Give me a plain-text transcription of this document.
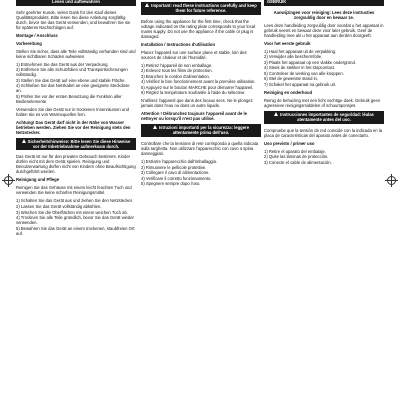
Lesen und aufbewahren

Sehr geehrter Kunde, vielen Dank für den Kauf dieses Qualitätsprodukts. Bitte lesen Sie diese Anleitung sorgfältig durch, bevor Sie das Gerät verwenden, und bewahren Sie sie für späteres Nachschlagen auf.

Montage / Anschluss

Vorbereitung

Stellen Sie sicher, dass alle Teile vollständig vorhanden sind und keine sichtbaren Schäden aufweisen.

1) Entnehmen Sie das Gerät aus der Verpackung.
2) Entfernen Sie alle Schutzfolien und Transportsicherungen vollständig.
3) Stellen Sie das Gerät auf eine ebene und stabile Fläche.
4) Schließen Sie das Netzkabel an eine geeignete Steckdose an.
5) Prüfen Sie vor der ersten Benutzung die Funktion aller Bedienelemente.

Verwenden Sie das Gerät nur in trockenen Innenräumen und halten Sie es von Wärmequellen fern.

Achtung! Das Gerät darf nicht in der Nähe von Wasser betrieben werden. Ziehen Sie vor der Reinigung stets den Netzstecker.

Sicherheitshinweise: Bitte lesen Sie diese Hinweise vor der Inbetriebnahme aufmerksam durch.

Das Gerät ist nur für den privaten Gebrauch bestimmt. Kinder dürfen nicht mit dem Gerät spielen. Reinigung und Benutzerwartung dürfen nicht von Kindern ohne Beaufsichtigung durchgeführt werden.

Reinigung und Pflege

Reinigen Sie das Gehäuse mit einem leicht feuchten Tuch und verwenden Sie keine scharfen Reinigungsmittel.

1) Schalten Sie das Gerät aus und ziehen Sie den Netzstecker.
2) Lassen Sie das Gerät vollständig abkühlen.
3) Wischen Sie die Oberflächen mit einem weichen Tuch ab.
4) Trocknen Sie alle Teile gründlich, bevor Sie das Gerät wieder verwenden.
5) Bewahren Sie das Gerät an einem trockenen, staubfreien Ort auf.
Important: read these instructions carefully and keep them for future reference.

Before using the appliance for the first time, check that the voltage indicated on the rating plate corresponds to your local mains supply. Do not use the appliance if the cable or plug is damaged.

Installation / Instructions d'utilisation

Placez l'appareil sur une surface plane et stable, loin des sources de chaleur et de l'humidité.

1) Retirez l'appareil de son emballage.
2) Enlevez tous les films de protection.
3) Branchez le cordon d'alimentation.
4) Vérifiez le bon fonctionnement avant la première utilisation.
5) Appuyez sur le bouton MARCHE pour démarrer l'appareil.
6) Réglez la température souhaitée à l'aide du sélecteur.

N'utilisez l'appareil que dans des locaux secs. Ne le plongez jamais dans l'eau ou dans un autre liquide.

Attention ! Débranchez toujours l'appareil avant de le nettoyer ou lorsqu'il n'est pas utilisé.

Istruzioni importanti per la sicurezza: leggere attentamente prima dell'uso.

Controllare che la tensione di rete corrisponda a quella indicata sulla targhetta. Non utilizzare l'apparecchio con cavo o spina danneggiati.

1) Estrarre l'apparecchio dall'imballaggio.
2) Rimuovere le pellicole protettive.
3) Collegare il cavo di alimentazione.
4) Verificare il corretto funzionamento.
5) Spegnere sempre dopo l'uso.
GEBRUIK

Aanwijzingen voor reiniging: Lees deze instructies zorgvuldig door en bewaar ze.

Lees deze handleiding zorgvuldig door voordat u het apparaat in gebruik neemt en bewaar deze voor later gebruik. Geef de handleiding mee als u het apparaat aan derden doorgeeft.

Voor het eerste gebruik

1) Haal het apparaat uit de verpakking.
2) Verwijder alle beschermfolie.
3) Plaats het apparaat op een vlakke ondergrond.
4) Steek de stekker in het stopcontact.
5) Controleer de werking van alle knoppen.
6) Stel de gewenste stand in.
7) Schakel het apparaat na gebruik uit.

Reiniging en onderhoud

Reinig de behuizing met een licht vochtige doek. Gebruik geen agressieve reinigingsmiddelen of schuursponsjes.

Instrucciones importantes de seguridad: léalas atentamente antes del uso.

Compruebe que la tensión de red coincide con la indicada en la placa de características del aparato antes de conectarlo.

Uso previsto / primer uso

1) Retire el aparato del embalaje.
2) Quite las láminas de protección.
3) Conecte el cable de alimentación.
